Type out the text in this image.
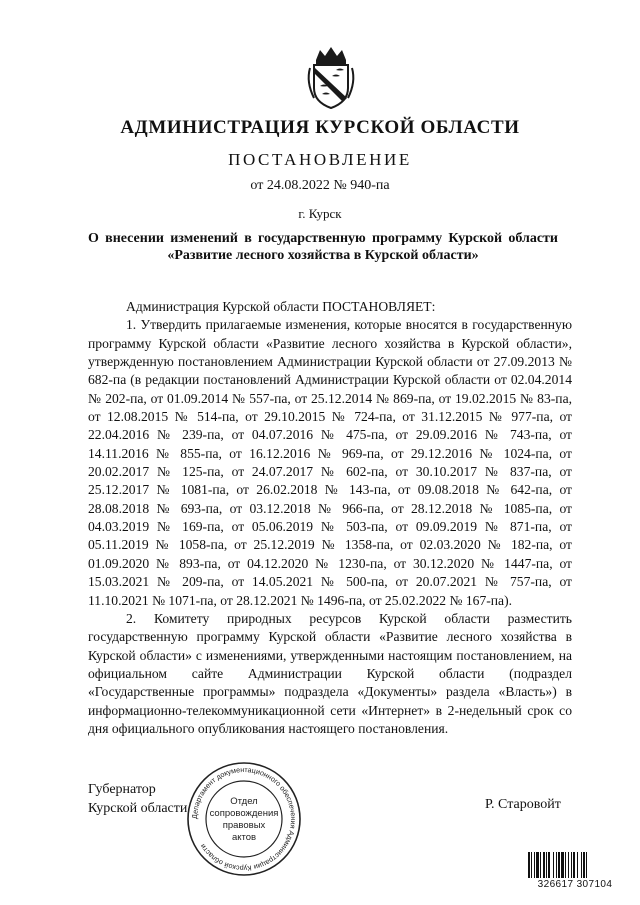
АДМИНИСТРАЦИЯ КУРСКОЙ ОБЛАСТИ
ПОСТАНОВЛЕНИЕ
от 24.08.2022 № 940-па
г. Курск
О внесении изменений в государственную программу Курской области «Развитие лесного хозяйства в Курской области»

Администрация Курской области ПОСТАНОВЛЯЕТ:

1. Утвердить прилагаемые изменения, которые вносятся в государственную программу Курской области «Развитие лесного хозяйства в Курской области», утвержденную постановлением Администрации Курской области от 27.09.2013 № 682-па (в редакции постановлений Администрации Курской области от 02.04.2014 № 202-па, от 01.09.2014 № 557-па, от 25.12.2014 № 869-па, от 19.02.2015 № 83-па, от 12.08.2015 № 514-па, от 29.10.2015 № 724-па, от 31.12.2015 № 977-па, от 22.04.2016 № 239-па, от 04.07.2016 № 475-па, от 29.09.2016 № 743-па, от 14.11.2016 № 855-па, от 16.12.2016 № 969-па, от 29.12.2016 № 1024-па, от 20.02.2017 № 125-па, от 24.07.2017 № 602-па, от 30.10.2017 № 837-па, от 25.12.2017 № 1081-па, от 26.02.2018 № 143-па, от 09.08.2018 № 642-па, от 28.08.2018 № 693-па, от 03.12.2018 № 966-па, от 28.12.2018 № 1085-па, от 04.03.2019 № 169-па, от 05.06.2019 № 503-па, от 09.09.2019 № 871-па, от 05.11.2019 № 1058-па, от 25.12.2019 № 1358-па, от 02.03.2020 № 182-па, от 01.09.2020 № 893-па, от 04.12.2020 № 1230-па, от 30.12.2020 № 1447-па, от 15.03.2021 № 209-па, от 14.05.2021 № 500-па, от 20.07.2021 № 757-па, от 11.10.2021 № 1071-па, от 28.12.2021 № 1496-па, от 25.02.2022 № 167-па).

2. Комитету природных ресурсов Курской области разместить государственную программу Курской области «Развитие лесного хозяйства в Курской области» с изменениями, утвержденными настоящим постановлением, на официальном сайте Администрации Курской области (подраздел «Государственные программы» подраздела «Документы» раздела «Власть») в информационно-телекоммуникационной сети «Интернет» в 2-недельный срок со дня официального опубликования настоящего постановления.

Губернатор
Курской области	Р. Старовойт
Департамент документационного обеспечения Администрации Курской области
Отдел
сопровождения
правовых
актов
326617 307104
